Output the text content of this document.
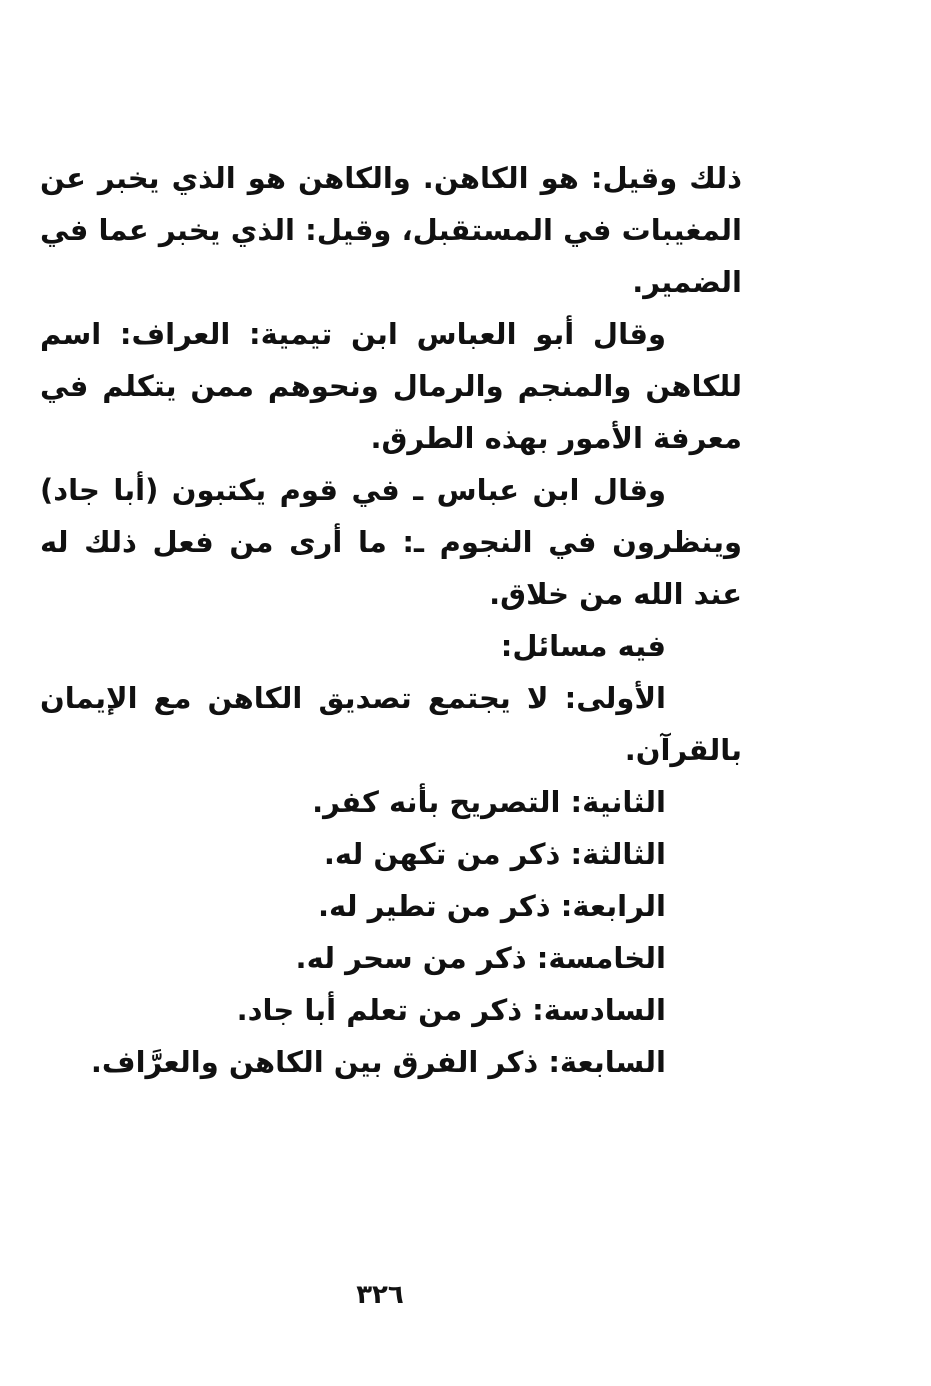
ذلك وقيل: هو الكاهن. والكاهن هو الذي يخبر عن المغيبات في المستقبل، وقيل: الذي يخبر عما في الضمير.

وقال أبو العباس ابن تيمية: العراف: اسم للكاهن والمنجم والرمال ونحوهم ممن يتكلم في معرفة الأمور بهذه الطرق.

وقال ابن عباس ـ في قوم يكتبون (أبا جاد) وينظرون في النجوم ـ: ما أرى من فعل ذلك له عند الله من خلاق.

فيه مسائل:

الأولى: لا يجتمع تصديق الكاهن مع الإيمان بالقرآن.

الثانية: التصريح بأنه كفر.

الثالثة: ذكر من تكهن له.

الرابعة: ذكر من تطير له.

الخامسة: ذكر من سحر له.

السادسة: ذكر من تعلم أبا جاد.

السابعة: ذكر الفرق بين الكاهن والعرَّاف.

٣٢٦
